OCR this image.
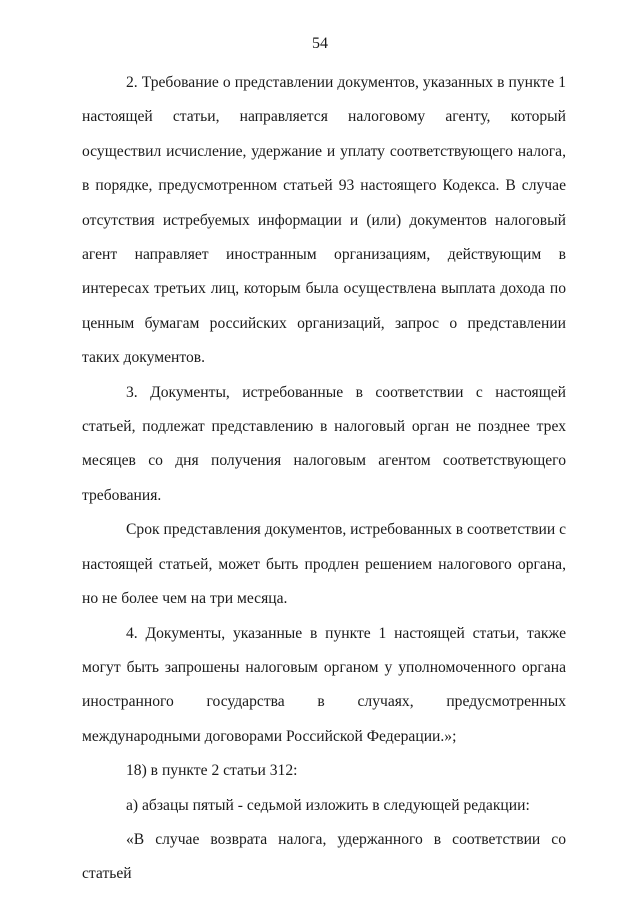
54

2. Требование о представлении документов, указанных в пункте 1 настоящей статьи, направляется налоговому агенту, который осуществил исчисление, удержание и уплату соответствующего налога, в порядке, предусмотренном статьей 93 настоящего Кодекса. В случае отсутствия истребуемых информации и (или) документов налоговый агент направляет иностранным организациям, действующим в интересах третьих лиц, которым была осуществлена выплата дохода по ценным бумагам российских организаций, запрос о представлении таких документов.

3. Документы, истребованные в соответствии с настоящей статьей, подлежат представлению в налоговый орган не позднее трех месяцев со дня получения налоговым агентом соответствующего требования.

Срок представления документов, истребованных в соответствии с настоящей статьей, может быть продлен решением налогового органа, но не более чем на три месяца.

4. Документы, указанные в пункте 1 настоящей статьи, также могут быть запрошены налоговым органом у уполномоченного органа иностранного государства в случаях, предусмотренных международными договорами Российской Федерации.»;

18) в пункте 2 статьи 312:

а) абзацы пятый - седьмой изложить в следующей редакции:

«В случае возврата налога, удержанного в соответствии со статьей
